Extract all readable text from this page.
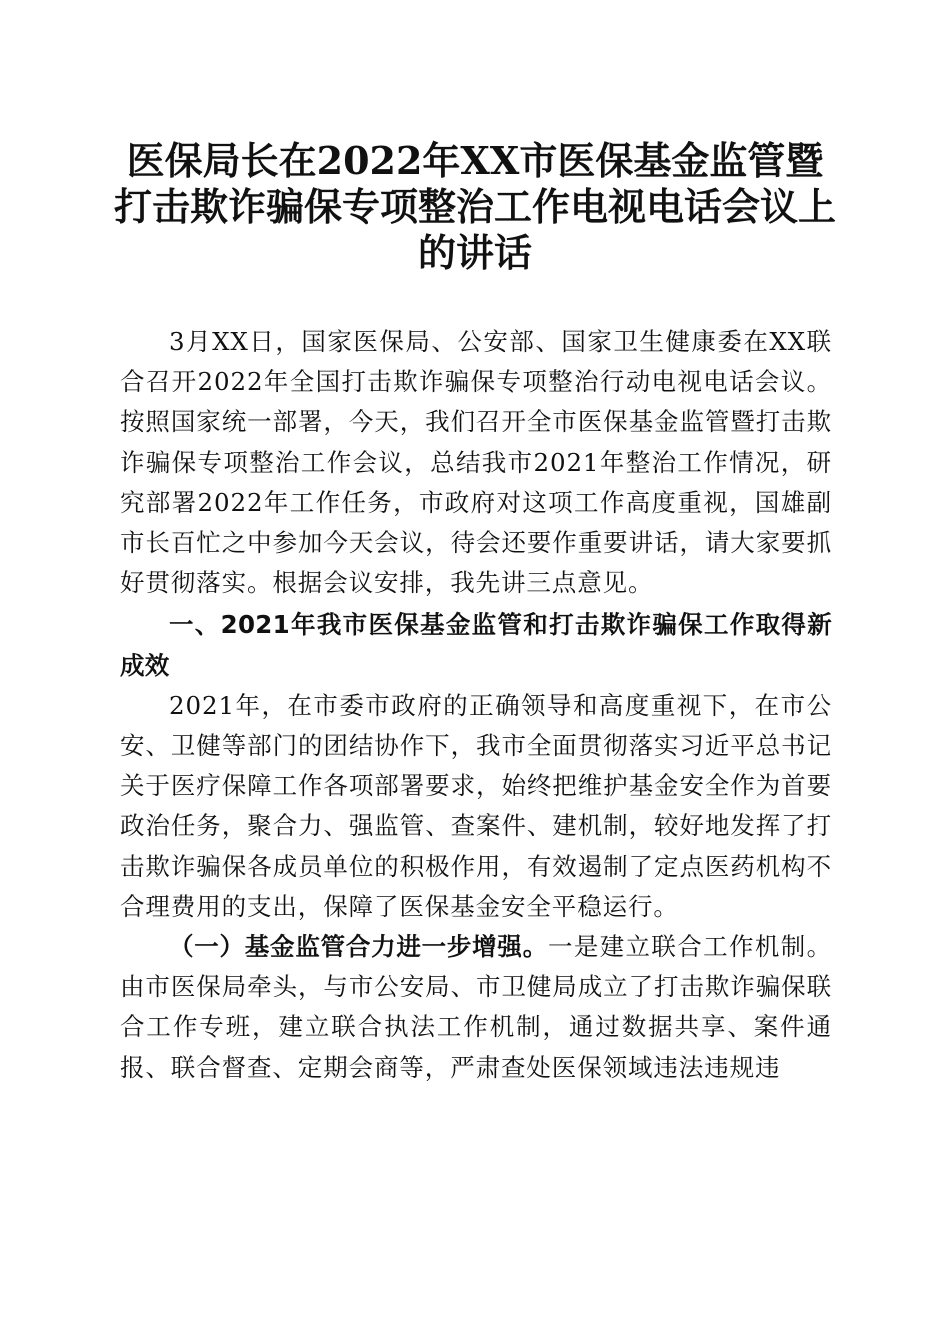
医保局长在2022年XX市医保基金监管暨打击欺诈骗保专项整治工作电视电话会议上的讲话

3月XX日，国家医保局、公安部、国家卫生健康委在XX联合召开2022年全国打击欺诈骗保专项整治行动电视电话会议。按照国家统一部署，今天，我们召开全市医保基金监管暨打击欺诈骗保专项整治工作会议，总结我市2021年整治工作情况，研究部署2022年工作任务，市政府对这项工作高度重视，国雄副市长百忙之中参加今天会议，待会还要作重要讲话，请大家要抓好贯彻落实。根据会议安排，我先讲三点意见。

一、2021年我市医保基金监管和打击欺诈骗保工作取得新成效

2021年，在市委市政府的正确领导和高度重视下，在市公安、卫健等部门的团结协作下，我市全面贯彻落实习近平总书记关于医疗保障工作各项部署要求，始终把维护基金安全作为首要政治任务，聚合力、强监管、查案件、建机制，较好地发挥了打击欺诈骗保各成员单位的积极作用，有效遏制了定点医药机构不合理费用的支出，保障了医保基金安全平稳运行。

（一）基金监管合力进一步增强。一是建立联合工作机制。由市医保局牵头，与市公安局、市卫健局成立了打击欺诈骗保联合工作专班，建立联合执法工作机制，通过数据共享、案件通报、联合督查、定期会商等，严肃查处医保领域违法违规违
